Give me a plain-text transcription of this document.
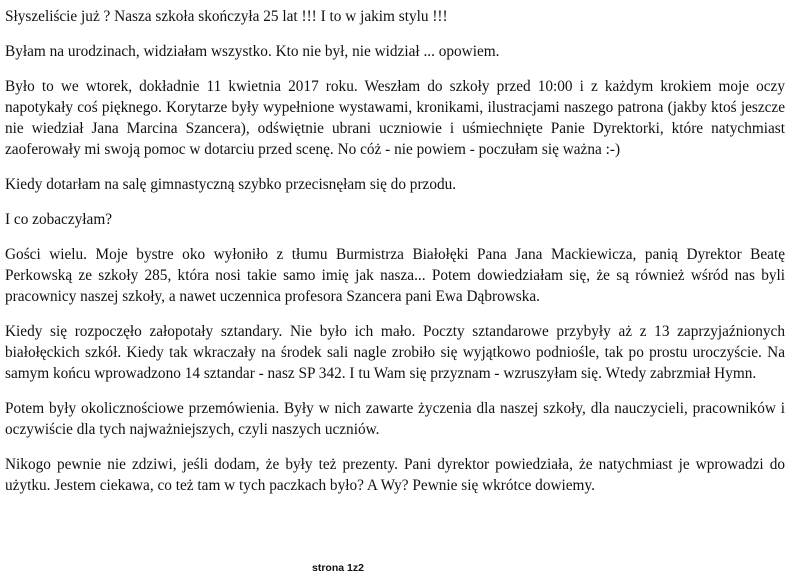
Słyszeliście już ? Nasza szkoła skończyła 25 lat !!! I to w jakim stylu !!!

Byłam na urodzinach, widziałam wszystko. Kto nie był, nie widział ... opowiem.

Było to we wtorek, dokładnie 11 kwietnia 2017 roku. Weszłam do szkoły przed 10:00 i z każdym krokiem moje oczy napotykały coś pięknego. Korytarze były wypełnione wystawami, kronikami, ilustracjami naszego patrona (jakby ktoś jeszcze nie wiedział Jana Marcina Szancera), odświętnie ubrani uczniowie i uśmiechnięte Panie Dyrektorki, które natychmiast zaoferowały mi swoją pomoc w dotarciu przed scenę. No cóż - nie powiem - poczułam się ważna :-)

Kiedy dotarłam na salę gimnastyczną szybko przecisnęłam się do przodu.

I co zobaczyłam?

Gości wielu. Moje bystre oko wyłoniło z tłumu Burmistrza Białołęki Pana Jana Mackiewicza, panią Dyrektor Beatę Perkowską ze szkoły 285, która nosi takie samo imię jak nasza... Potem dowiedziałam się, że są również wśród nas byli pracownicy naszej szkoły, a nawet uczennica profesora Szancera pani Ewa Dąbrowska.

Kiedy się rozpoczęło załopotały sztandary. Nie było ich mało. Poczty sztandarowe przybyły aż z 13 zaprzyjaźnionych białołęckich szkół. Kiedy tak wkraczały na środek sali nagle zrobiło się wyjątkowo podniośle, tak po prostu uroczyście. Na samym końcu wprowadzono 14 sztandar - nasz SP 342. I tu Wam się przyznam - wzruszyłam się. Wtedy zabrzmiał Hymn.

Potem były okolicznościowe przemówienia. Były w nich zawarte życzenia dla naszej szkoły, dla nauczycieli, pracowników i oczywiście dla tych najważniejszych, czyli naszych uczniów.

Nikogo pewnie nie zdziwi, jeśli dodam, że były też prezenty. Pani dyrektor powiedziała, że natychmiast je wprowadzi do użytku. Jestem ciekawa, co też tam w tych paczkach było? A Wy? Pewnie się wkrótce dowiemy.

strona 1z2
